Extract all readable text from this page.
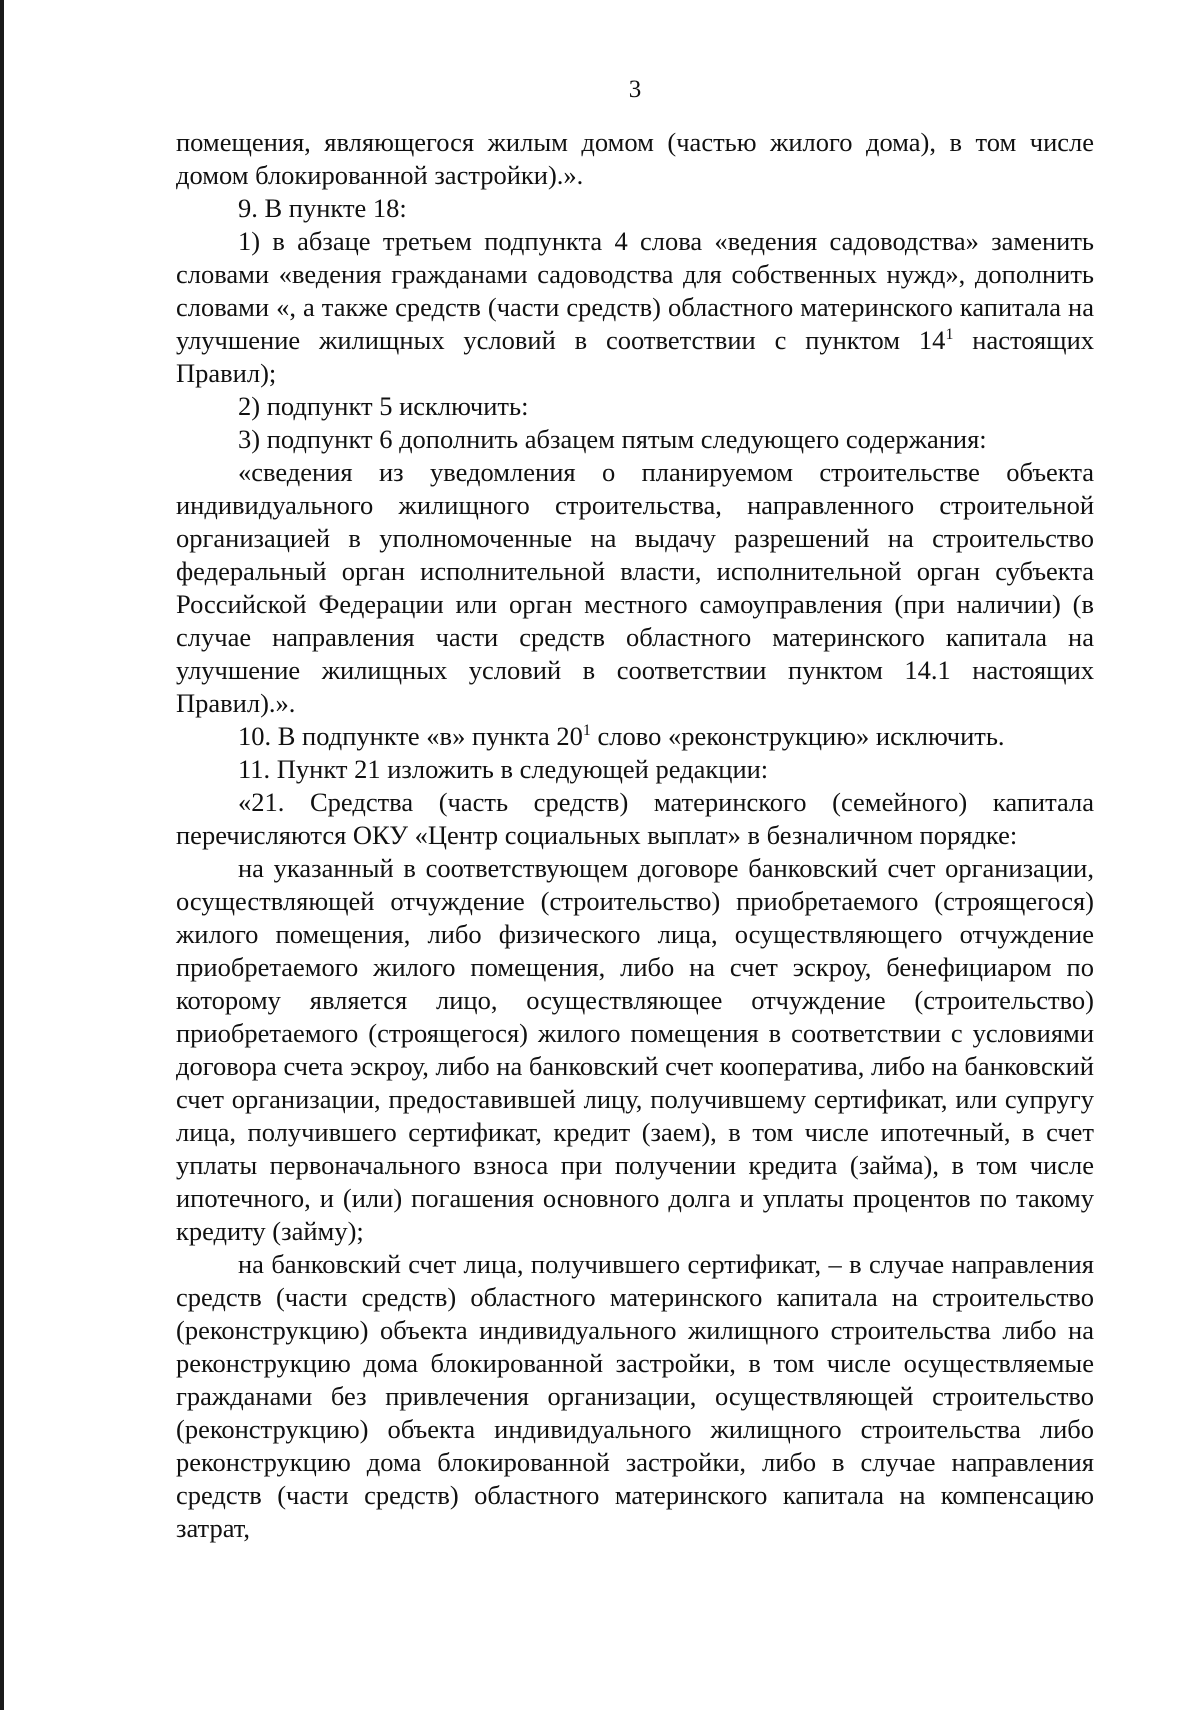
3

помещения, являющегося жилым домом (частью жилого дома), в том числе домом блокированной застройки).».

9. В пункте 18:

1) в абзаце третьем подпункта 4 слова «ведения садоводства» заменить словами «ведения гражданами садоводства для собственных нужд», дополнить словами «, а также средств (части средств) областного материнского капитала на улучшение жилищных условий в соответствии с пунктом $14^1$ настоящих Правил);

2) подпункт 5 исключить:

3) подпункт 6 дополнить абзацем пятым следующего содержания:

«сведения из уведомления о планируемом строительстве объекта индивидуального жилищного строительства, направленного строительной организацией в уполномоченные на выдачу разрешений на строительство федеральный орган исполнительной власти, исполнительной орган субъекта Российской Федерации или орган местного самоуправления (при наличии) (в случае направления части средств областного материнского капитала на улучшение жилищных условий в соответствии пунктом 14.1 настоящих Правил).».

10. В подпункте «в» пункта $20^1$ слово «реконструкцию» исключить.

11. Пункт 21 изложить в следующей редакции:

«21. Средства (часть средств) материнского (семейного) капитала перечисляются ОКУ «Центр социальных выплат» в безналичном порядке:

на указанный в соответствующем договоре банковский счет организации, осуществляющей отчуждение (строительство) приобретаемого (строящегося) жилого помещения, либо физического лица, осуществляющего отчуждение приобретаемого жилого помещения, либо на счет эскроу, бенефициаром по которому является лицо, осуществляющее отчуждение (строительство) приобретаемого (строящегося) жилого помещения в соответствии с условиями договора счета эскроу, либо на банковский счет кооператива, либо на банковский счет организации, предоставившей лицу, получившему сертификат, или супругу лица, получившего сертификат, кредит (заем), в том числе ипотечный, в счет уплаты первоначального взноса при получении кредита (займа), в том числе ипотечного, и (или) погашения основного долга и уплаты процентов по такому кредиту (займу);

на банковский счет лица, получившего сертификат, – в случае направления средств (части средств) областного материнского капитала на строительство (реконструкцию) объекта индивидуального жилищного строительства либо на реконструкцию дома блокированной застройки, в том числе осуществляемые гражданами без привлечения организации, осуществляющей строительство (реконструкцию) объекта индивидуального жилищного строительства либо реконструкцию дома блокированной застройки, либо в случае направления средств (части средств) областного материнского капитала на компенсацию затрат,
